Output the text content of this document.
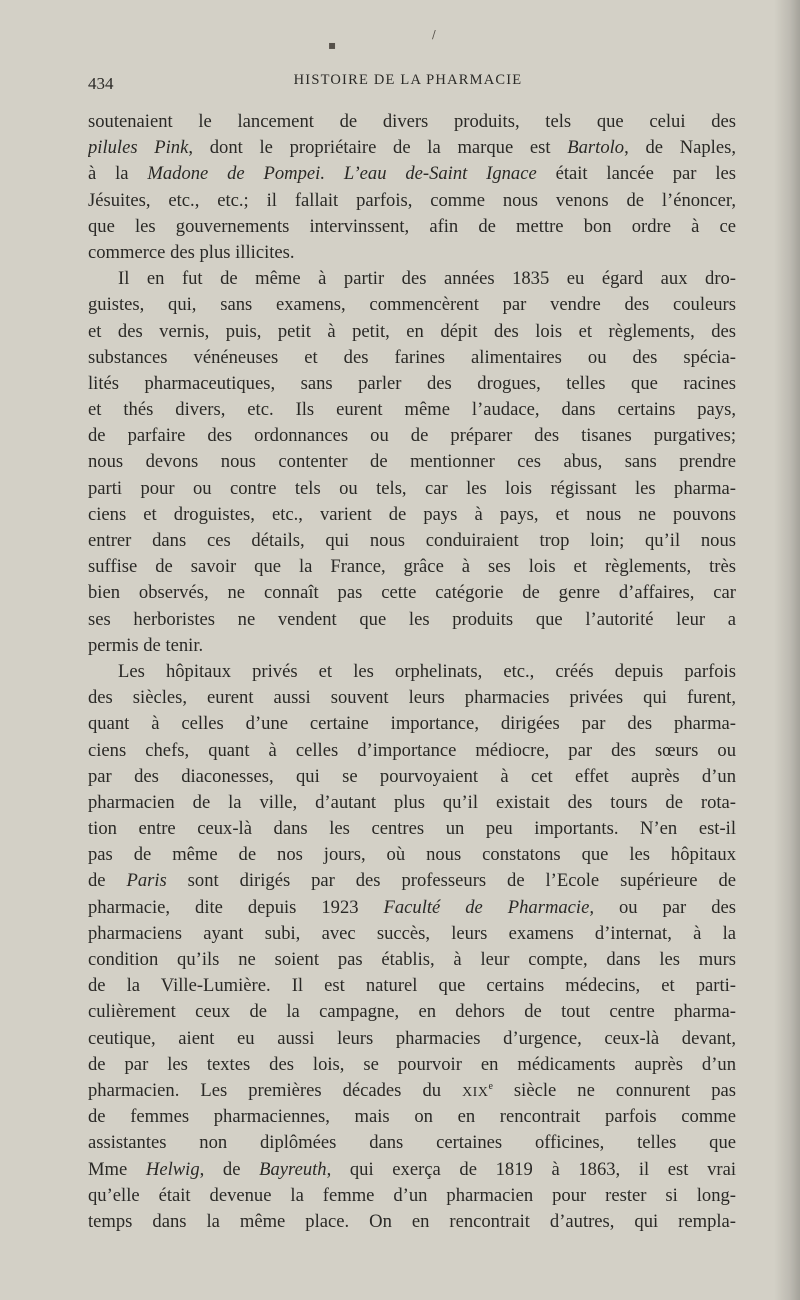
▪
/
434	HISTOIRE DE LA PHARMACIE
soutenaient le lancement de divers produits, tels que celui des
pilules Pink, dont le propriétaire de la marque est Bartolo, de Naples,
à la Madone de Pompei. L’eau de-Saint Ignace était lancée par les
Jésuites, etc., etc.; il fallait parfois, comme nous venons de l’énoncer,
que les gouvernements intervinssent, afin de mettre bon ordre à ce
commerce des plus illicites.
Il en fut de même à partir des années 1835 eu égard aux dro-
guistes, qui, sans examens, commencèrent par vendre des couleurs
et des vernis, puis, petit à petit, en dépit des lois et règlements, des
substances vénéneuses et des farines alimentaires ou des spécia-
lités pharmaceutiques, sans parler des drogues, telles que racines
et thés divers, etc. Ils eurent même l’audace, dans certains pays,
de parfaire des ordonnances ou de préparer des tisanes purgatives;
nous devons nous contenter de mentionner ces abus, sans prendre
parti pour ou contre tels ou tels, car les lois régissant les pharma-
ciens et droguistes, etc., varient de pays à pays, et nous ne pouvons
entrer dans ces détails, qui nous conduiraient trop loin; qu’il nous
suffise de savoir que la France, grâce à ses lois et règlements, très
bien observés, ne connaît pas cette catégorie de genre d’affaires, car
ses herboristes ne vendent que les produits que l’autorité leur a
permis de tenir.
Les hôpitaux privés et les orphelinats, etc., créés depuis parfois
des siècles, eurent aussi souvent leurs pharmacies privées qui furent,
quant à celles d’une certaine importance, dirigées par des pharma-
ciens chefs, quant à celles d’importance médiocre, par des sœurs ou
par des diaconesses, qui se pourvoyaient à cet effet auprès d’un
pharmacien de la ville, d’autant plus qu’il existait des tours de rota-
tion entre ceux-là dans les centres un peu importants. N’en est-il
pas de même de nos jours, où nous constatons que les hôpitaux
de Paris sont dirigés par des professeurs de l’Ecole supérieure de
pharmacie, dite depuis 1923 Faculté de Pharmacie, ou par des
pharmaciens ayant subi, avec succès, leurs examens d’internat, à la
condition qu’ils ne soient pas établis, à leur compte, dans les murs
de la Ville-Lumière. Il est naturel que certains médecins, et parti-
culièrement ceux de la campagne, en dehors de tout centre pharma-
ceutique, aient eu aussi leurs pharmacies d’urgence, ceux-là devant,
de par les textes des lois, se pourvoir en médicaments auprès d’un
pharmacien. Les premières décades du XIXe siècle ne connurent pas
de femmes pharmaciennes, mais on en rencontrait parfois comme
assistantes non diplômées dans certaines officines, telles que
Mme Helwig, de Bayreuth, qui exerça de 1819 à 1863, il est vrai
qu’elle était devenue la femme d’un pharmacien pour rester si long-
temps dans la même place. On en rencontrait d’autres, qui rempla-
